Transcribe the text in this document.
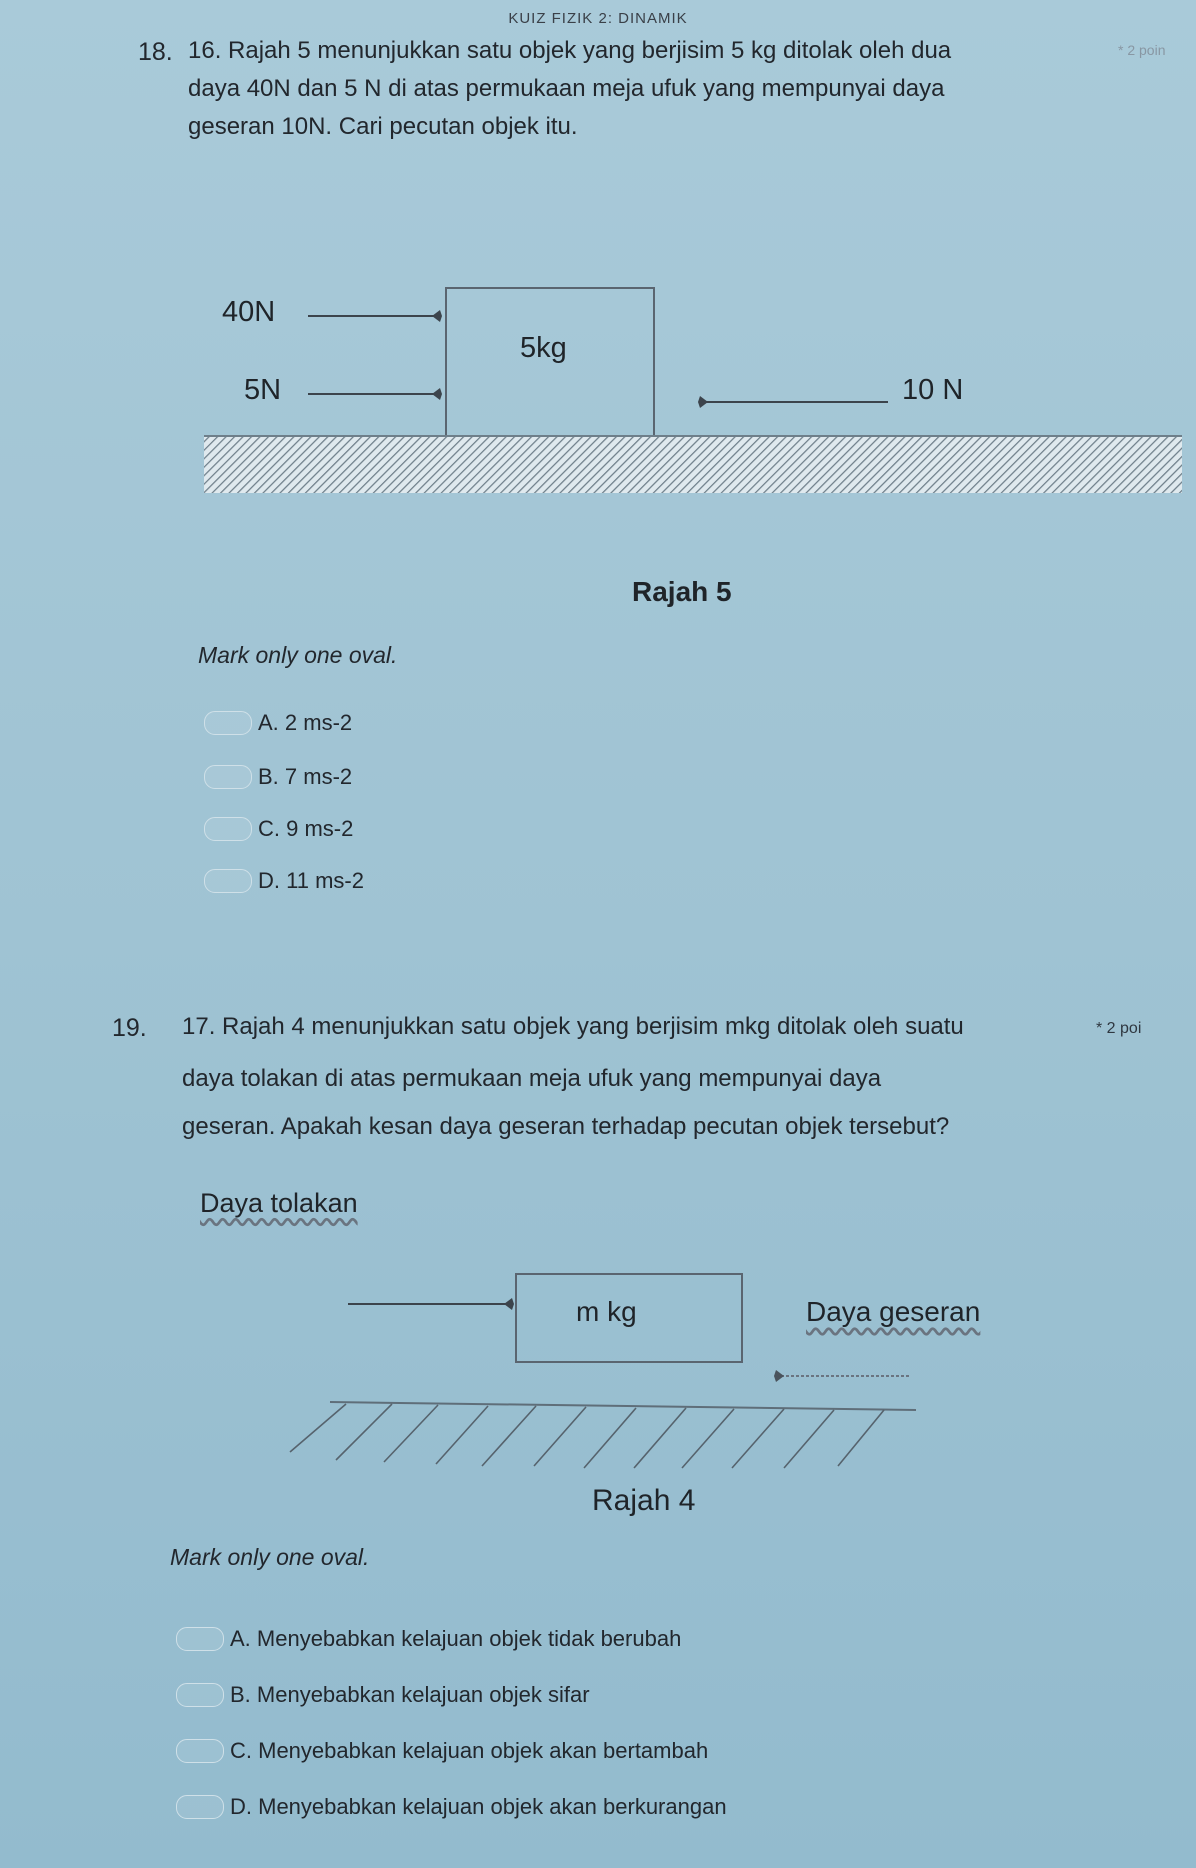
KUIZ FIZIK 2: DINAMIK
18. 16. Rajah 5 menunjukkan satu objek yang berjisim 5 kg ditolak oleh dua
daya 40N dan 5 N di atas permukaan meja ufuk yang mempunyai daya
geseran 10N. Cari pecutan objek itu.
* 2 poin
40N
5N
5kg
10 N
Rajah 5
Mark only one oval.
A. 2 ms-2
B. 7 ms-2
C. 9 ms-2
D. 11 ms-2
19. 17. Rajah 4 menunjukkan satu objek yang berjisim mkg ditolak oleh suatu	* 2 poi
daya tolakan di atas permukaan meja ufuk yang mempunyai daya
geseran. Apakah kesan daya geseran terhadap pecutan objek tersebut?
Daya tolakan
m kg	Daya geseran
Rajah 4
Mark only one oval.
A. Menyebabkan kelajuan objek tidak berubah
B. Menyebabkan kelajuan objek sifar
C. Menyebabkan kelajuan objek akan bertambah
D. Menyebabkan kelajuan objek akan berkurangan
